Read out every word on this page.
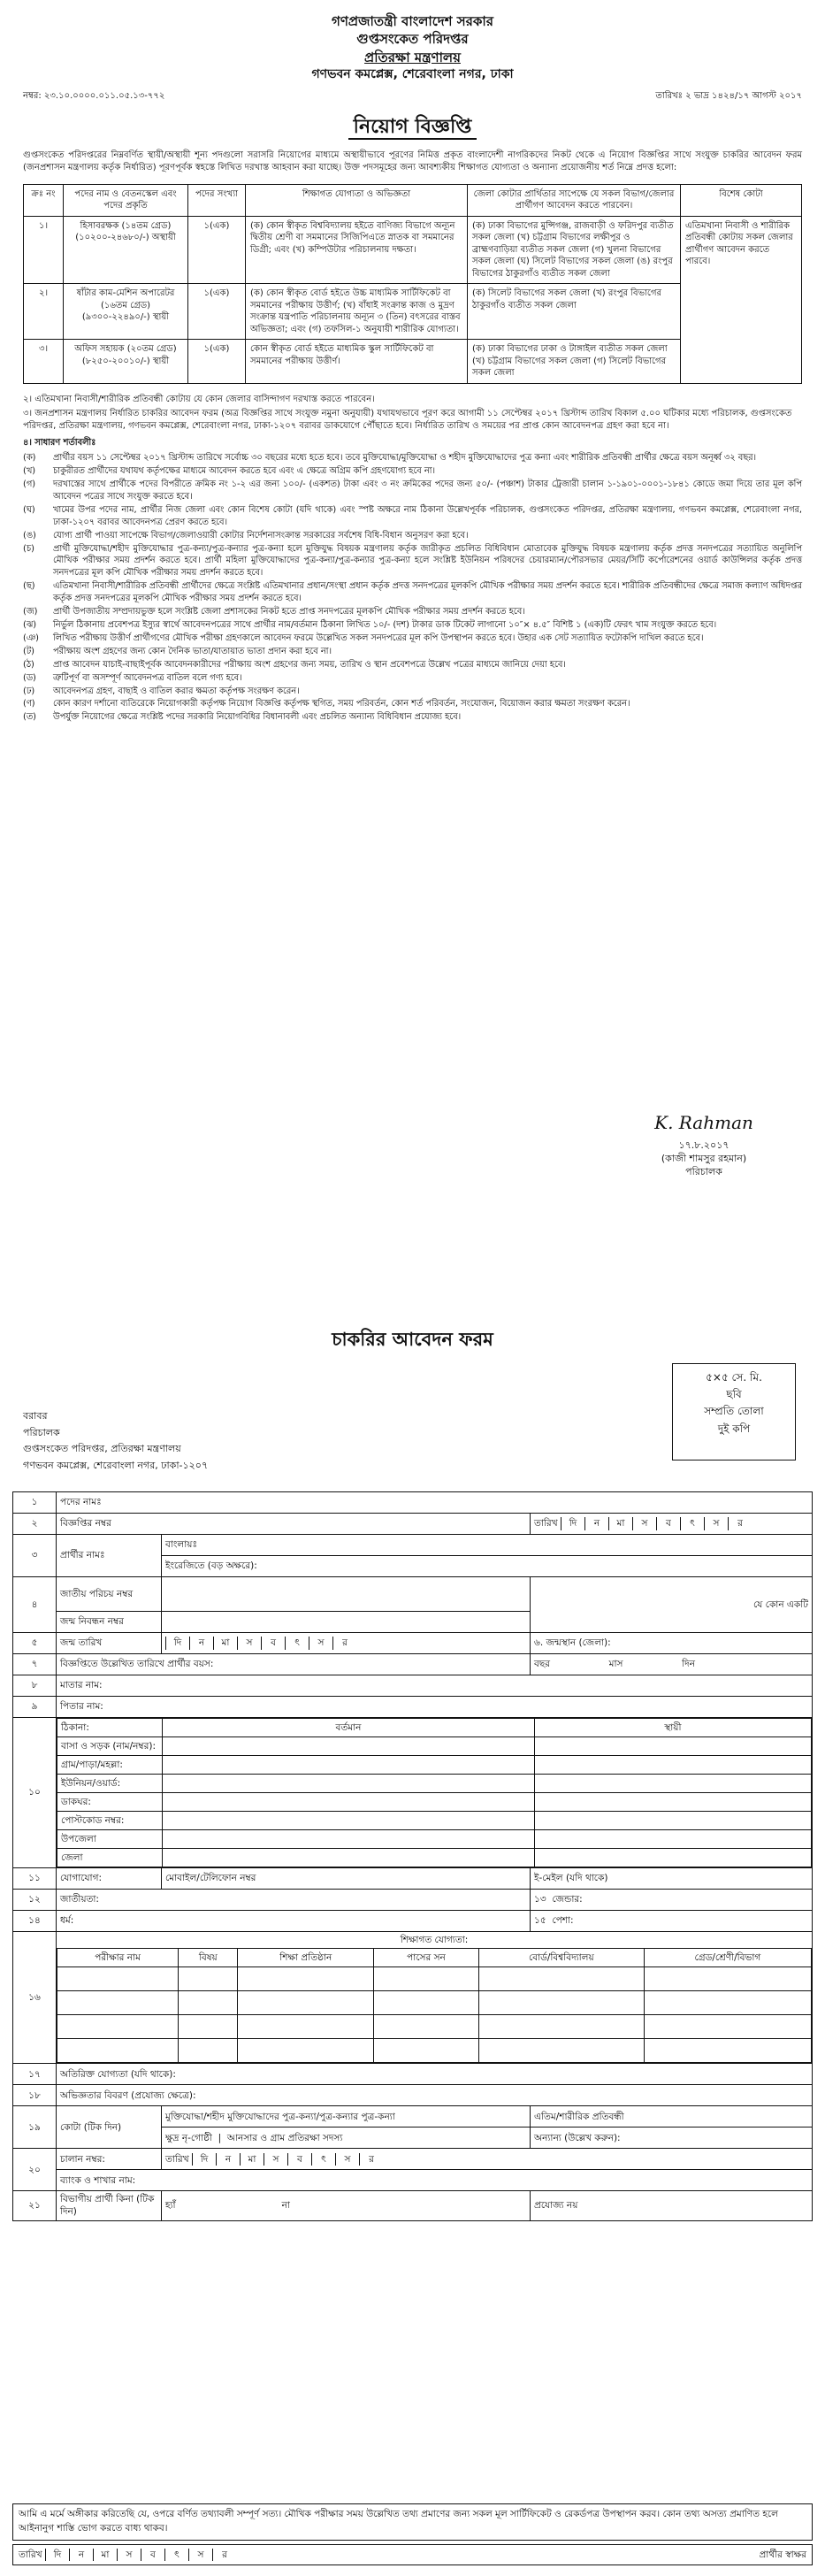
গণপ্রজাতন্ত্রী বাংলাদেশ সরকার
গুপ্তসংকেত পরিদপ্তর
প্রতিরক্ষা মন্ত্রণালয়
গণভবন কমপ্লেক্স, শেরেবাংলা নগর, ঢাকা
নম্বর: ২৩.১০.০০০০.০১১.০৫.১৩-৭৭২	তারিখঃ ২ ভাদ্র ১৪২৪/১৭ আগস্ট ২০১৭
নিয়োগ বিজ্ঞপ্তি
গুপ্তসংকেত পরিদপ্তরের নিম্নবর্ণিত স্থায়ী/অস্থায়ী শূন্য পদগুলো সরাসরি নিয়োগের মাধ্যমে অস্থায়ীভাবে পূরণের নিমিত্ত প্রকৃত বাংলাদেশী নাগরিকদের নিকট থেকে এ নিয়োগ বিজ্ঞপ্তির সাথে সংযুক্ত চাকরির আবেদন ফরম (জনপ্রশাসন মন্ত্রণালয় কর্তৃক নির্ধারিত) পূরণপূর্বক স্বহস্তে লিখিত দরখাস্ত আহবান করা যাচ্ছে। উক্ত পদসমূহের জন্য আবশ্যকীয় শিক্ষাগত যোগ্যতা ও অন্যান্য প্রয়োজনীয় শর্ত নিম্নে প্রদত্ত হলো:
ক্রঃ নং	পদের নাম ও বেতনস্কেল এবং পদের প্রকৃতি	পদের সংখ্যা	শিক্ষাগত যোগ্যতা ও অভিজ্ঞতা	জেলা কোটার প্রার্থিতার সাপেক্ষে যে সকল বিভাগ/জেলার প্রার্থীগণ আবেদন করতে পারবেন।	বিশেষ কোটা
১।	হিসাবরক্ষক (১৪তম গ্রেড) (১০২০০-২৪৬৮০/-) অস্থায়ী	১(এক)	(ক) কোন স্বীকৃত বিশ্ববিদ্যালয় হইতে বাণিজ্য বিভাগে অন্যূন দ্বিতীয় শ্রেণী বা সমমানের সিজিপিএতে স্নাতক বা সমমানের ডিগ্রী; এবং (খ) কম্পিউটার পরিচালনায় দক্ষতা।	(ক) ঢাকা বিভাগের মুন্সিগঞ্জ, রাজবাড়ী ও ফরিদপুর ব্যতীত সকল জেলা (খ) চট্টগ্রাম বিভাগের লক্ষীপুর ও ব্রাহ্মণবাড়িয়া ব্যতীত সকল জেলা (গ) খুলনা বিভাগের সকল জেলা (ঘ) সিলেট বিভাগের সকল জেলা (ঙ) রংপুর বিভাগের ঠাকুরগাঁও ব্যতীত সকল জেলা	এতিমখানা নিবাসী ও শারীরিক প্রতিবন্ধী কোটায় সকল জেলার প্রার্থীগণ আবেদন করতে পারবে।
২।	ষাঁটার কাম-মেশিন অপারেটর (১৬তম গ্রেড) (৯৩০০-২২৪৯০/-) স্থায়ী	১(এক)	(ক) কোন স্বীকৃত বোর্ড হইতে উচ্চ মাধ্যমিক সার্টিফিকেট বা সমমানের পরীক্ষায় উত্তীর্ণ; (খ) বাঁধাই সংক্রান্ত কাজ ও মুদ্রণ সংক্রান্ত যন্ত্রপাতি পরিচালনায় অন্যূন ৩ (তিন) বৎসরের বাস্তব অভিজ্ঞতা; এবং (গ) তফসিল-১ অনুযায়ী শারীরিক যোগ্যতা।	(ক) সিলেট বিভাগের সকল জেলা (খ) রংপুর বিভাগের ঠাকুরগাঁও ব্যতীত সকল জেলা	
৩।	অফিস সহায়ক (২০তম গ্রেড) (৮২৫০-২০০১০/-) স্থায়ী	১(এক)	কোন স্বীকৃত বোর্ড হইতে মাধ্যমিক স্কুল সার্টিফিকেট বা সমমানের পরীক্ষায় উত্তীর্ণ।	(ক) ঢাকা বিভাগের ঢাকা ও টাঙ্গাইল ব্যতীত সকল জেলা (খ) চট্টগ্রাম বিভাগের সকল জেলা (গ) সিলেট বিভাগের সকল জেলা	

২। এতিমখানা নিবাসী/শারীরিক প্রতিবন্ধী কোটায় যে কোন জেলার বাসিন্দাগণ দরখাস্ত করতে পারবেন।

৩। জনপ্রশাসন মন্ত্রণালয় নির্ধারিত চাকরির আবেদন ফরম (অত্র বিজ্ঞপ্তির সাথে সংযুক্ত নমুনা অনুযায়ী) যথাযথভাবে পূরণ করে আগামী ১১ সেপ্টেম্বর ২০১৭ খ্রিস্টাব্দ তারিখ বিকাল ৫.০০ ঘটিকার মধ্যে পরিচালক, গুপ্তসংকেত পরিদপ্তর, প্রতিরক্ষা মন্ত্রণালয়, গণভবন কমপ্লেক্স, শেরেবাংলা নগর, ঢাকা-১২০৭ বরাবর ডাকযোগে পৌঁছাতে হবে। নির্ধারিত তারিখ ও সময়ের পর প্রাপ্ত কোন আবেদনপত্র গ্রহণ করা হবে না।

৪। সাধারণ শর্তাবলীঃ
(ক)	প্রার্থীর বয়স ১১ সেপ্টেম্বর ২০১৭ খ্রিস্টাব্দ তারিখে সর্বোচ্চ ৩০ বছরের মধ্যে হতে হবে। তবে মুক্তিযোদ্ধা/মুক্তিযোদ্ধা ও শহীদ মুক্তিযোদ্ধাদের পুত্র কন্যা এবং শারীরিক প্রতিবন্ধী প্রার্থীর ক্ষেত্রে বয়স অনূর্ধ্ব ৩২ বছর।
(খ)	চাকুরীরত প্রার্থীদের যথাযথ কর্তৃপক্ষের মাধ্যমে আবেদন করতে হবে এবং এ ক্ষেত্রে অগ্রিম কপি গ্রহণযোগ্য হবে না।
(গ)	দরখাস্তের সাথে প্রার্থীকে পদের বিপরীতে ক্রমিক নং ১-২ এর জন্য ১০০/- (একশত) টাকা এবং ৩ নং ক্রমিকের পদের জন্য ৫০/- (পঞ্চাশ) টাকার ট্রেজারী চালান ১-১৯০১-০০০১-১৮৪১ কোডে জমা দিয়ে তার মূল কপি আবেদন পত্রের সাথে সংযুক্ত করতে হবে।
(ঘ)	খামের উপর পদের নাম, প্রার্থীর নিজ জেলা এবং কোন বিশেষ কোটা (যদি থাকে) এবং স্পষ্ট অক্ষরে নাম ঠিকানা উল্লেখপূর্বক পরিচালক, গুপ্তসংকেত পরিদপ্তর, প্রতিরক্ষা মন্ত্রণালয়, গণভবন কমপ্লেক্স, শেরেবাংলা নগর, ঢাকা-১২০৭ বরাবর আবেদনপত্র প্রেরণ করতে হবে।
(ঙ)	যোগ্য প্রার্থী পাওয়া সাপেক্ষে বিভাগ/জেলাওয়ারী কোটার নির্দেশনাসংক্রান্ত সরকারের সর্বশেষ বিধি-বিধান অনুসরণ করা হবে।
(চ)	প্রার্থী মুক্তিযোদ্ধা/শহীদ মুক্তিযোদ্ধার পুত্র-কন্যা/পুত্র-কন্যার পুত্র-কন্যা হলে মুক্তিযুদ্ধ বিষয়ক মন্ত্রণালয় কর্তৃক জারীকৃত প্রচলিত বিধিবিধান মোতাবেক মুক্তিযুদ্ধ বিষয়ক মন্ত্রণালয় কর্তৃক প্রদত্ত সনদপত্রের সত্যায়িত অনুলিপি মৌখিক পরীক্ষার সময় প্রদর্শন করতে হবে। প্রার্থী মহিলা মুক্তিযোদ্ধাদের পুত্র-কন্যা/পুত্র-কন্যার পুত্র-কন্যা হলে সংশ্লিষ্ট ইউনিয়ন পরিষদের চেয়ারম্যান/পৌরসভার মেয়র/সিটি কর্পোরেশনের ওয়ার্ড কাউন্সিলর কর্তৃক প্রদত্ত সনদপত্রের মূল কপি মৌখিক পরীক্ষার সময় প্রদর্শন করতে হবে।
(ছ)	এতিমখানা নিবাসী/শারীরিক প্রতিবন্ধী প্রার্থীদের ক্ষেত্রে সংশ্লিষ্ট এতিমখানার প্রধান/সংস্থা প্রধান কর্তৃক প্রদত্ত সনদপত্রের মূলকপি মৌখিক পরীক্ষার সময় প্রদর্শন করতে হবে। শারীরিক প্রতিবন্ধীদের ক্ষেত্রে সমাজ কল্যাণ অধিদপ্তর কর্তৃক প্রদত্ত সনদপত্রের মূলকপি মৌখিক পরীক্ষার সময় প্রদর্শন করতে হবে।
(জ)	প্রার্থী উপজাতীয় সম্প্রদায়ভুক্ত হলে সংশ্লিষ্ট জেলা প্রশাসকের নিকট হতে প্রাপ্ত সনদপত্রের মূলকপি মৌখিক পরীক্ষার সময় প্রদর্শন করতে হবে।
(ঝ)	নির্ভুল ঠিকানায় প্রবেশপত্র ইস্যুর স্বার্থে আবেদনপত্রের সাথে প্রার্থীর নাম/বর্তমান ঠিকানা লিখিত ১০/- (দশ) টাকার ডাক টিকেট লাগানো ১০″× ৪.৫″ বিশিষ্ট ১ (এক)টি ফেরৎ খাম সংযুক্ত করতে হবে।
(ঞ)	লিখিত পরীক্ষায় উত্তীর্ণ প্রার্থীগণের মৌখিক পরীক্ষা গ্রহণকালে আবেদন ফরমে উল্লেখিত সকল সনদপত্রের মূল কপি উপস্থাপন করতে হবে। উহার এক সেট সত্যায়িত ফটোকপি দাখিল করতে হবে।
(ট)	পরীক্ষায় অংশ গ্রহণের জন্য কোন দৈনিক ভাতা/যাতায়াত ভাতা প্রদান করা হবে না।
(ঠ)	প্রাপ্ত আবেদন যাচাই-বাছাইপূর্বক আবেদনকারীদের পরীক্ষায় অংশ গ্রহণের জন্য সময়, তারিখ ও স্থান প্রবেশপত্রে উল্লেখ পত্রের মাধ্যমে জানিয়ে দেয়া হবে।
(ড)	ত্রুটিপূর্ণ বা অসম্পূর্ণ আবেদনপত্র বাতিল বলে গণ্য হবে।
(ঢ)	আবেদনপত্র গ্রহণ, বাছাই ও বাতিল করার ক্ষমতা কর্তৃপক্ষ সংরক্ষণ করেন।
(ণ)	কোন কারণ দর্শানো ব্যতিরেকে নিয়োগকারী কর্তৃপক্ষ নিয়োগ বিজ্ঞপ্তি কর্তৃপক্ষ স্থগিত, সময় পরিবর্তন, কোন শর্ত পরিবর্তন, সংযোজন, বিয়োজন করার ক্ষমতা সংরক্ষণ করেন।
(ত)	উপর্যুক্ত নিয়োগের ক্ষেত্রে সংশ্লিষ্ট পদের সরকারি নিয়োগবিধির বিধানাবলী এবং প্রচলিত অন্যান্য বিধিবিধান প্রযোজ্য হবে।
K. Rahman
১৭.৮.২০১৭
(কাজী শামসুর রহমান)
পরিচালক
চাকরির আবেদন ফরম
৫×৫ সে. মি.
ছবি
সম্প্রতি তোলা
দুই কপি
বরাবর
পরিচালক
গুপ্তসংকেত পরিদপ্তর, প্রতিরক্ষা মন্ত্রণালয়
গণভবন কমপ্লেক্স, শেরেবাংলা নগর, ঢাকা-১২০৭
১	পদের নামঃ
২	বিজ্ঞপ্তির নম্বর	তারিখ দি ন মা স ব ৎ স র
৩	প্রার্থীর নামঃ	বাংলায়ঃ
ইংরেজিতে (বড় অক্ষরে):
৪	জাতীয় পরিচয় নম্বর		যে কোন একটি
জন্ম নিবন্ধন নম্বর	
৫	জন্ম তারিখ	দি ন মা স ব ৎ স র	৬. জন্মস্থান (জেলা):
৭	বিজ্ঞপ্তিতে উল্লেখিত তারিখে প্রার্থীর বয়স:	বছর	মাস	দিন
৮	মাতার নাম:
৯	পিতার নাম:
১০	
ঠিকানা:	বর্তমান	স্থায়ী
বাসা ও সড়ক (নাম/নম্বর):		
গ্রাম/পাড়া/মহল্লা:		
ইউনিয়ন/ওয়ার্ড:		
ডাকঘর:		
পোস্টকোড নম্বর:		
উপজেলা		
জেলা		

১১	যোগাযোগ:	মোবাইল/টেলিফোন নম্বর	ই-মেইল (যদি থাকে)
১২	জাতীয়তা:	১৩ জেন্ডার:
১৪	ধর্ম:	১৫ পেশা:
১৬	
শিক্ষাগত যোগ্যতা:
পরীক্ষার নাম	বিষয়	শিক্ষা প্রতিষ্ঠান	পাসের সন	বোর্ড/বিশ্ববিদ্যালয়	গ্রেড/শ্রেণী/বিভাগ

১৭	অতিরিক্ত যোগ্যতা (যদি থাকে):
১৮	অভিজ্ঞতার বিবরণ (প্রযোজ্য ক্ষেত্রে):
১৯	কোটা (টিক দিন)	মুক্তিযোদ্ধা/শহীদ মুক্তিযোদ্ধাদের পুত্র-কন্যা/পুত্র-কন্যার পুত্র-কন্যা	এতিম/শারীরিক প্রতিবন্ধী
ক্ষুদ্র নৃ-গোষ্ঠী  |  আনসার ও গ্রাম প্রতিরক্ষা সদস্য	অন্যান্য (উল্লেখ করুন):
২০	চালান নম্বর:	তারিখ দি ন মা স ব ৎ স র
ব্যাংক ও শাখার নাম:
২১	বিভাগীয় প্রার্থী কিনা (টিক দিন)	হ্যাঁ	না	প্রযোজ্য নয়
আমি এ মর্মে অঙ্গীকার করিতেছি যে, ওপরে বর্ণিত তথ্যাবলী সম্পূর্ণ সত্য। মৌখিক পরীক্ষার সময় উল্লেখিত তথ্য প্রমাণের জন্য সকল মূল সার্টিফিকেট ও রেকর্ডপত্র উপস্থাপন করব। কোন তথ্য অসত্য প্রমাণিত হলে আইনানুগ শাস্তি ভোগ করতে বাধ্য থাকব।
তারিখ দি ন মা স ব ৎ স র	প্রার্থীর স্বাক্ষর
